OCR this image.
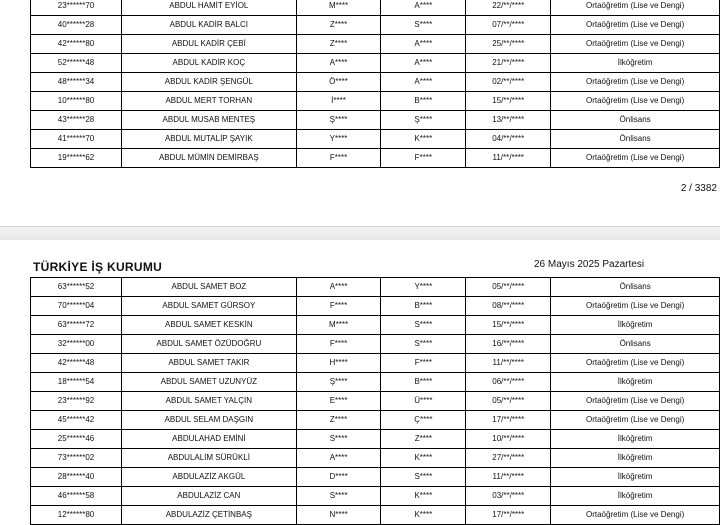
23******70	ABDUL HAMİT EYİOL	M****	A****	22/**/****	Ortaöğretim (Lise ve Dengi)
40******28	ABDUL KADİR BALCI	Z****	S****	07/**/****	Ortaöğretim (Lise ve Dengi)
42******80	ABDUL KADİR ÇEBİ	Z****	A****	25/**/****	Ortaöğretim (Lise ve Dengi)
52******48	ABDUL KADİR KOÇ	A****	A****	21/**/****	İlköğretim
48******34	ABDUL KADİR ŞENGÜL	Ö****	A****	02/**/****	Ortaöğretim (Lise ve Dengi)
10******80	ABDUL MERT TORHAN	İ****	B****	15/**/****	Ortaöğretim (Lise ve Dengi)
43******28	ABDUL MUSAB MENTEŞ	Ş****	Ş****	13/**/****	Önlisans
41******70	ABDUL MUTALİP ŞAYIK	Y****	K****	04/**/****	Önlisans
19******62	ABDUL MÜMİN DEMİRBAŞ	F****	F****	11/**/****	Ortaöğretim (Lise ve Dengi)
2 / 3382
TÜRKİYE İŞ KURUMU	26 Mayıs 2025 Pazartesi
63******52	ABDUL SAMET BOZ	A****	Y****	05/**/****	Önlisans
70******04	ABDUL SAMET GÜRSOY	F****	B****	08/**/****	Ortaöğretim (Lise ve Dengi)
63******72	ABDUL SAMET KESKİN	M****	S****	15/**/****	İlköğretim
32******00	ABDUL SAMET ÖZÜDOĞRU	F****	S****	16/**/****	Önlisans
42******48	ABDUL SAMET TAKIR	H****	F****	11/**/****	Ortaöğretim (Lise ve Dengi)
18******54	ABDUL SAMET UZUNYÜZ	Ş****	B****	06/**/****	İlköğretim
23******92	ABDUL SAMET YALÇIN	E****	Ü****	05/**/****	Ortaöğretim (Lise ve Dengi)
45******42	ABDUL SELAM DAŞGIN	Z****	Ç****	17/**/****	Ortaöğretim (Lise ve Dengi)
25******46	ABDULAHAD EMİNİ	S****	Z****	10/**/****	İlköğretim
73******02	ABDULALİM SÜRÜKLİ	A****	K****	27/**/****	İlköğretim
28******40	ABDULAZİZ AKGÜL	D****	S****	11/**/****	İlköğretim
46******58	ABDULAZİZ CAN	S****	K****	03/**/****	İlköğretim
12******80	ABDULAZİZ ÇETİNBAŞ	N****	K****	17/**/****	Ortaöğretim (Lise ve Dengi)
